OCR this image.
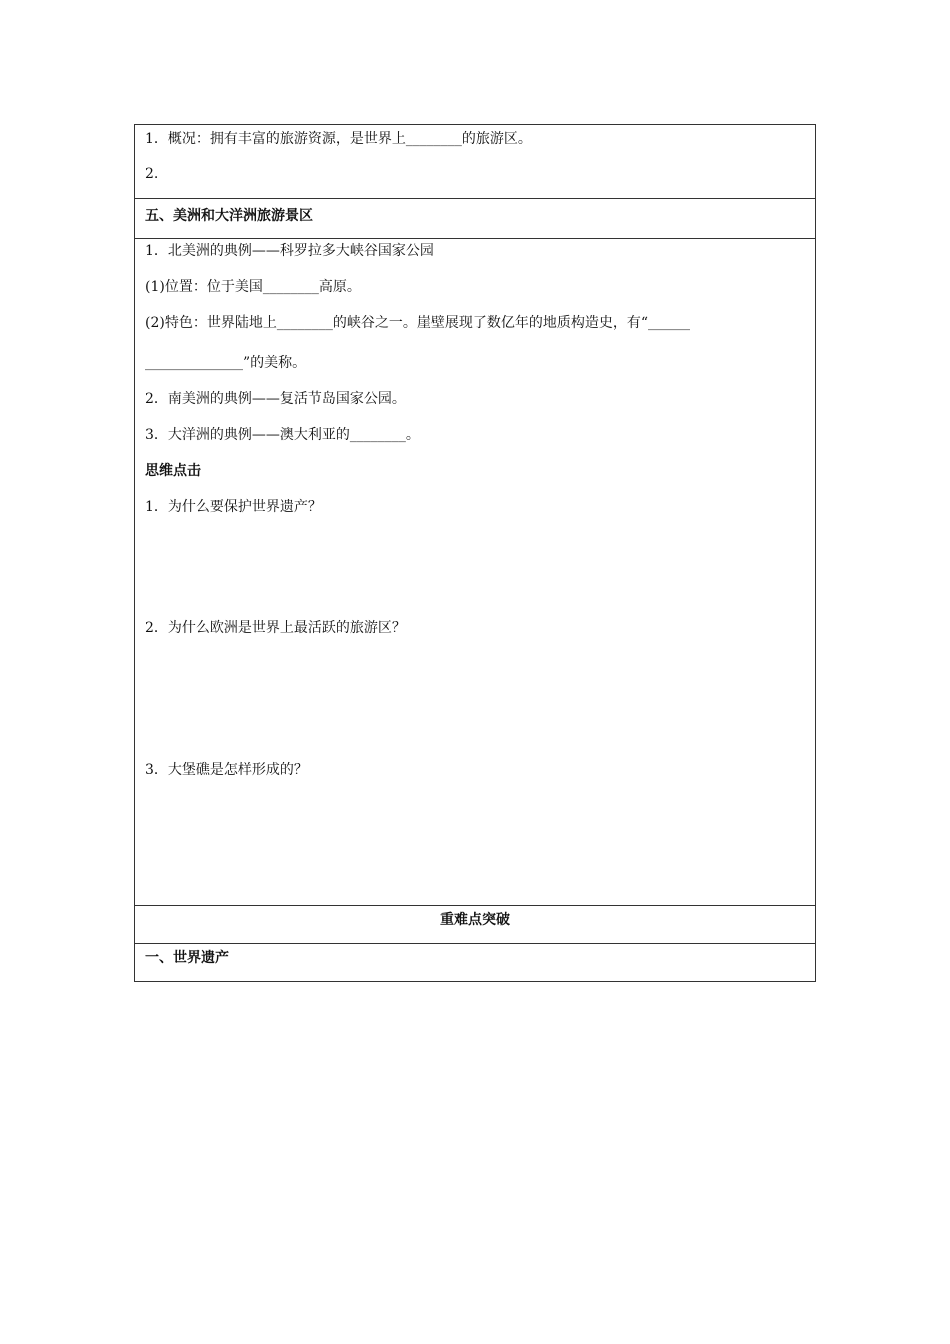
1．概况：拥有丰富的旅游资源，是世界上________的旅游区。
2.

五、美洲和大洋洲旅游景区

1．北美洲的典例——科罗拉多大峡谷国家公园
(1)位置：位于美国________高原。
(2)特色：世界陆地上________的峡谷之一。崖壁展现了数亿年的地质构造史，有“______
______________”的美称。
2．南美洲的典例——复活节岛国家公园。
3．大洋洲的典例——澳大利亚的________。
思维点击
1．为什么要保护世界遗产？
2．为什么欧洲是世界上最活跃的旅游区？
3．大堡礁是怎样形成的？

重难点突破

一、世界遗产
